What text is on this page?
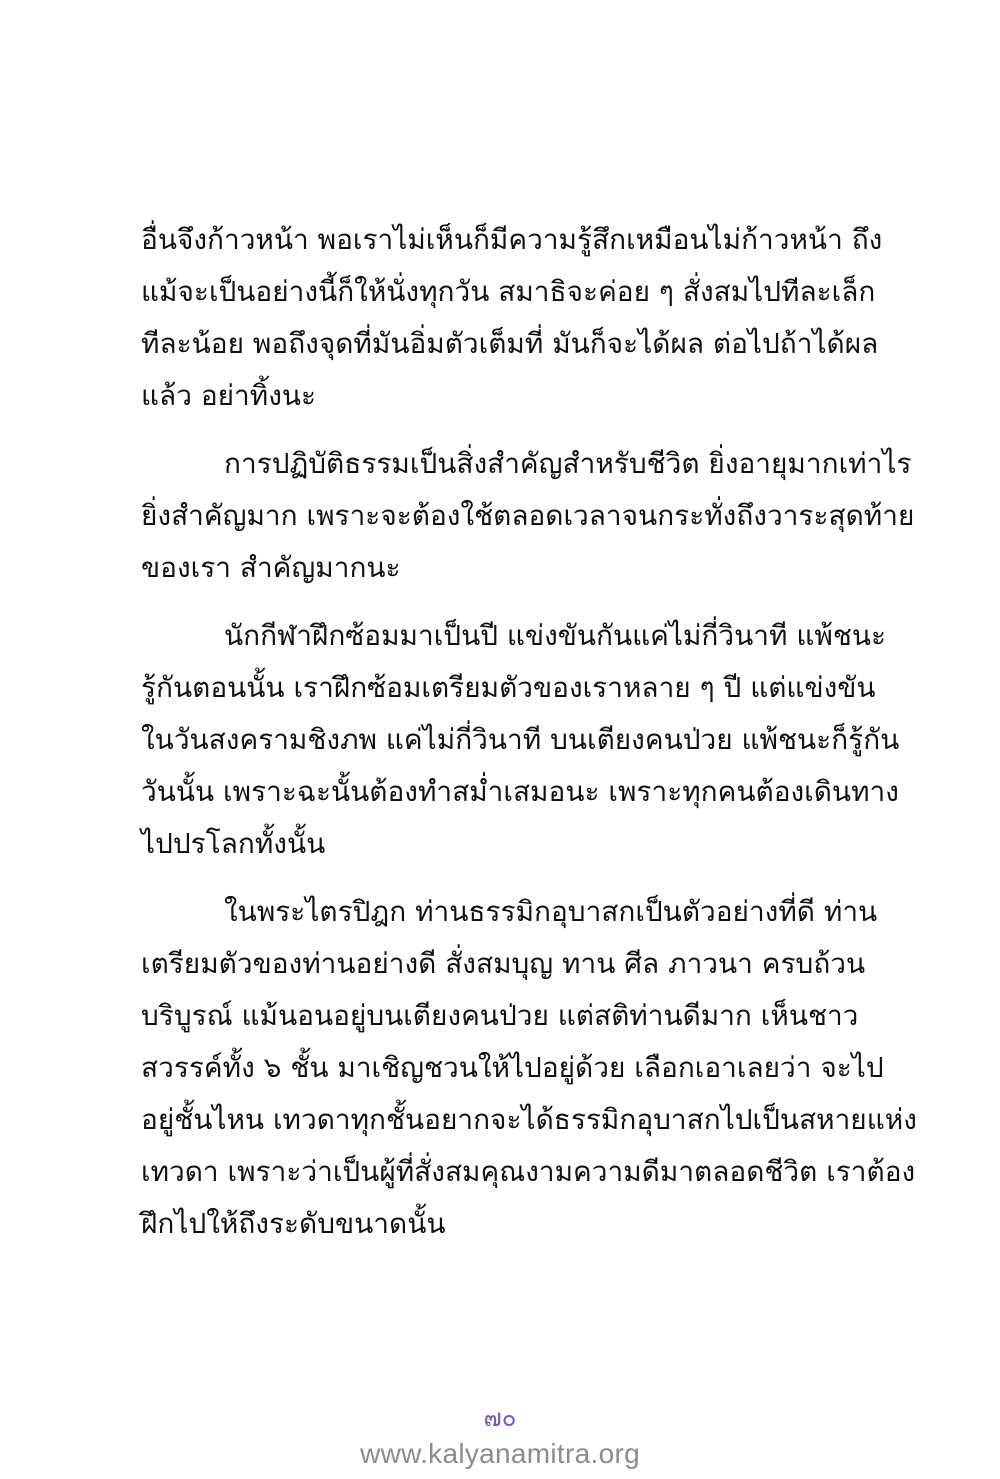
อื่นจึงก้าวหน้า พอเราไม่เห็นก็มีความรู้สึกเหมือนไม่ก้าวหน้า ถึง
แม้จะเป็นอย่างนี้ก็ให้นั่งทุกวัน สมาธิจะค่อย ๆ สั่งสมไปทีละเล็ก
ทีละน้อย พอถึงจุดที่มันอิ่มตัวเต็มที่ มันก็จะได้ผล ต่อไปถ้าได้ผล
แล้ว อย่าทิ้งนะ
การปฏิบัติธรรมเป็นสิ่งสำคัญสำหรับชีวิต ยิ่งอายุมากเท่าไร
ยิ่งสำคัญมาก เพราะจะต้องใช้ตลอดเวลาจนกระทั่งถึงวาระสุดท้าย
ของเรา สำคัญมากนะ
นักกีฬาฝึกซ้อมมาเป็นปี แข่งขันกันแค่ไม่กี่วินาที แพ้ชนะ
รู้กันตอนนั้น เราฝึกซ้อมเตรียมตัวของเราหลาย ๆ ปี แต่แข่งขัน
ในวันสงครามชิงภพ แค่ไม่กี่วินาที บนเตียงคนป่วย แพ้ชนะก็รู้กัน
วันนั้น เพราะฉะนั้นต้องทำสม่ำเสมอนะ เพราะทุกคนต้องเดินทาง
ไปปรโลกทั้งนั้น
ในพระไตรปิฎก ท่านธรรมิกอุบาสกเป็นตัวอย่างที่ดี ท่าน
เตรียมตัวของท่านอย่างดี สั่งสมบุญ ทาน ศีล ภาวนา ครบถ้วน
บริบูรณ์ แม้นอนอยู่บนเตียงคนป่วย แต่สติท่านดีมาก เห็นชาว
สวรรค์ทั้ง ๖ ชั้น มาเชิญชวนให้ไปอยู่ด้วย เลือกเอาเลยว่า จะไป
อยู่ชั้นไหน เทวดาทุกชั้นอยากจะได้ธรรมิกอุบาสกไปเป็นสหายแห่ง
เทวดา เพราะว่าเป็นผู้ที่สั่งสมคุณงามความดีมาตลอดชีวิต เราต้อง
ฝึกไปให้ถึงระดับขนาดนั้น
๗๐
www.kalyanamitra.org
